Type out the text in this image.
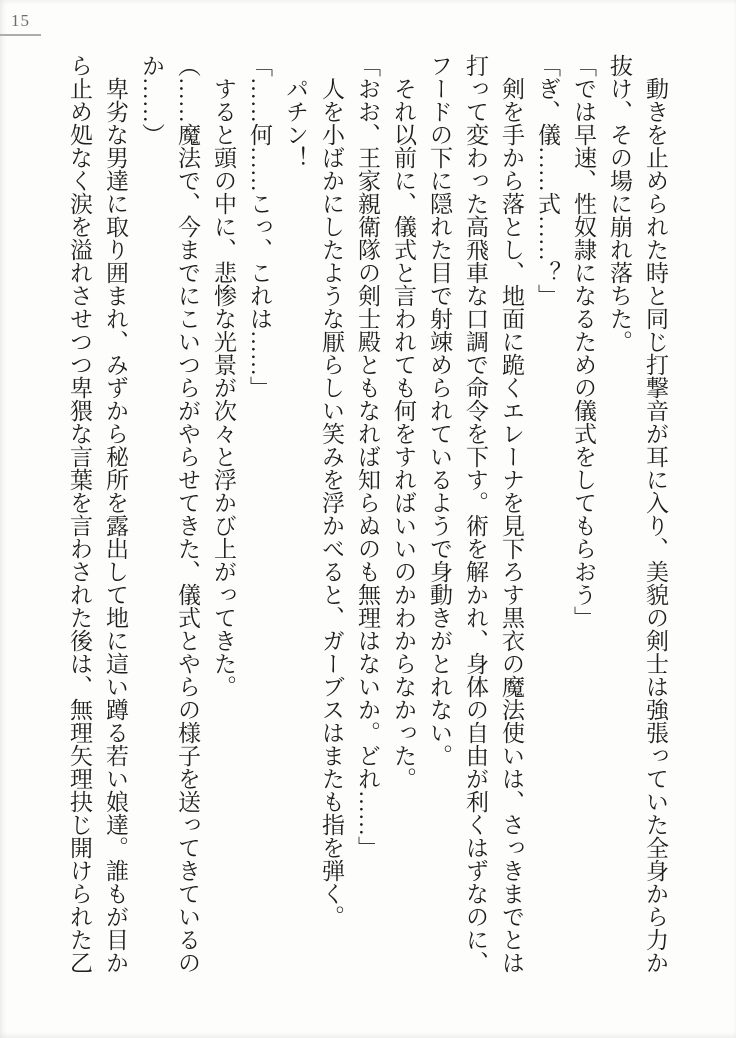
15
動きを止められた時と同じ打撃音が耳に入り、美貌の剣士は強張っていた全身から力か
抜け、その場に崩れ落ちた。
「では早速、性奴隷になるための儀式をしてもらおう」
「ぎ、儀……式……？」
剣を手から落とし、地面に跪くエレーナを見下ろす黒衣の魔法使いは、さっきまでとは
打って変わった高飛車な口調で命令を下す。術を解かれ、身体の自由が利くはずなのに、
フードの下に隠れた目で射竦められているようで身動きがとれない。
それ以前に、儀式と言われても何をすればいいのかわからなかった。
「おお、王家親衛隊の剣士殿ともなれば知らぬのも無理はないか。どれ……」
人を小ばかにしたような厭らしい笑みを浮かべると、ガーブスはまたも指を弾く。
パチン！
「……何……こっ、これは……」
すると頭の中に、悲惨な光景が次々と浮かび上がってきた。
（……魔法で、今までにこいつらがやらせてきた、儀式とやらの様子を送ってきているの
か……）
卑劣な男達に取り囲まれ、みずから秘所を露出して地に這い蹲る若い娘達。誰もが目か
ら止め処なく涙を溢れさせつつ卑猥な言葉を言わされた後は、無理矢理抉じ開けられた乙
